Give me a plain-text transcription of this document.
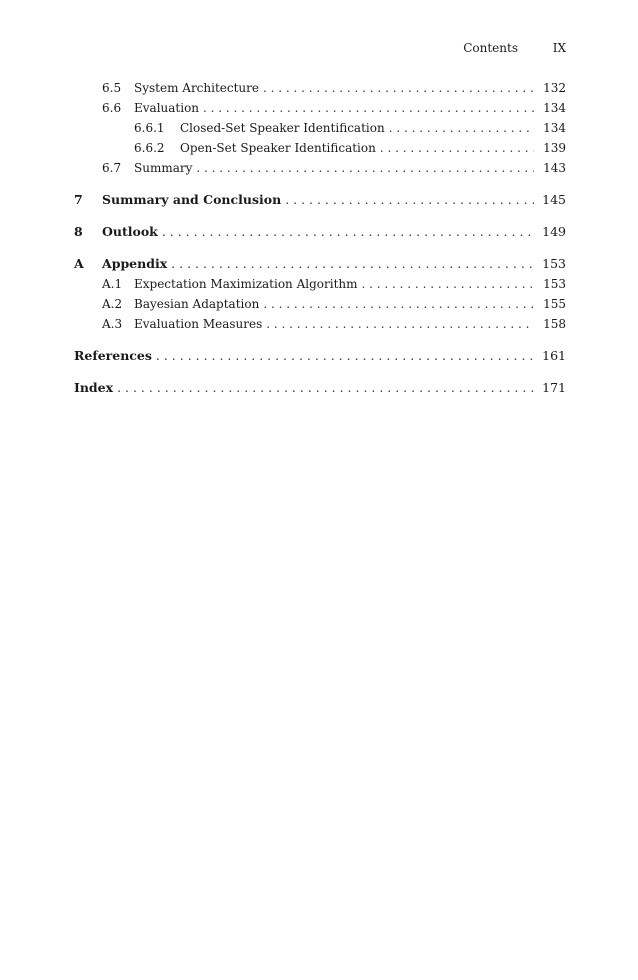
Contents	IX
6.5	System Architecture . . .	132
6.6	Evaluation . . .	134
6.6.1	Closed-Set Speaker Identification . . .	134
6.6.2	Open-Set Speaker Identification . . .	139
6.7	Summary . . .	143
7	Summary and Conclusion . . .	145
8	Outlook . . .	149
A	Appendix . . .	153
A.1 Expectation Maximization Algorithm . . .	153
A.2 Bayesian Adaptation . . .	155
A.3 Evaluation Measures . . .	158
References . . .	161
Index . . .	171
